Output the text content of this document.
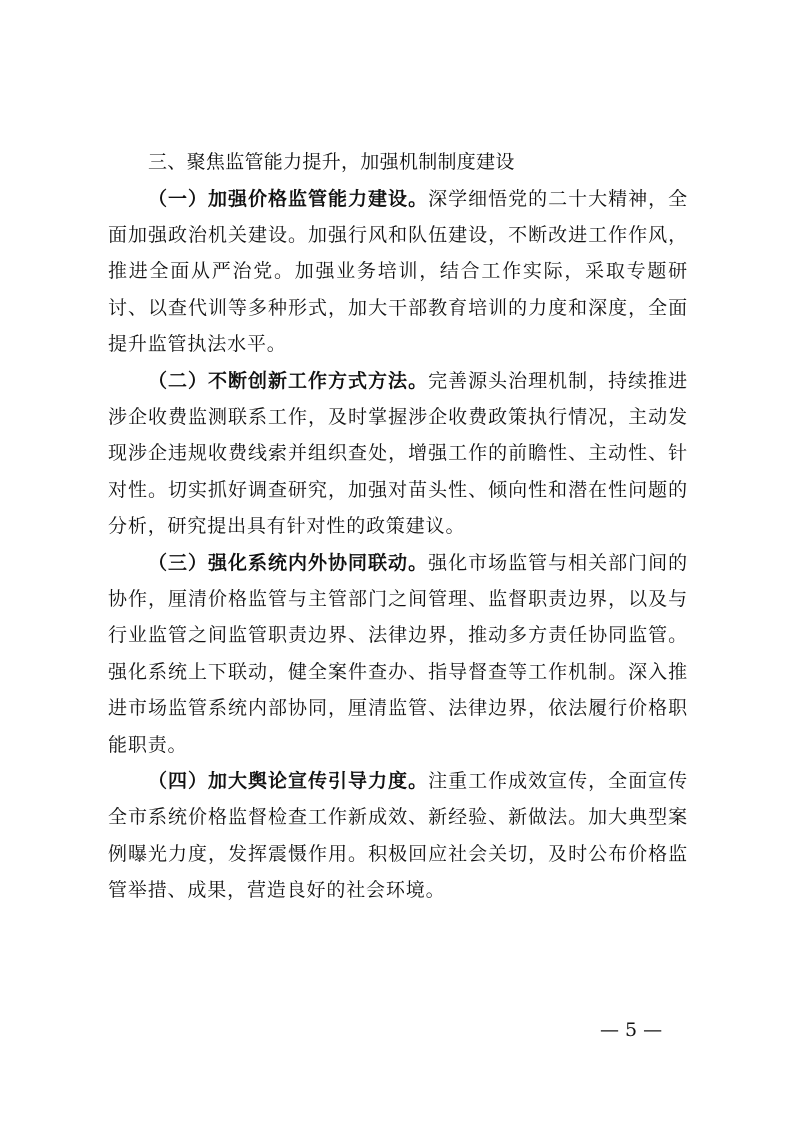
三、聚焦监管能力提升，加强机制制度建设

（一）加强价格监管能力建设。深学细悟党的二十大精神，全面加强政治机关建设。加强行风和队伍建设，不断改进工作作风，推进全面从严治党。加强业务培训，结合工作实际，采取专题研讨、以查代训等多种形式，加大干部教育培训的力度和深度，全面提升监管执法水平。

（二）不断创新工作方式方法。完善源头治理机制，持续推进涉企收费监测联系工作，及时掌握涉企收费政策执行情况，主动发现涉企违规收费线索并组织查处，增强工作的前瞻性、主动性、针对性。切实抓好调查研究，加强对苗头性、倾向性和潜在性问题的分析，研究提出具有针对性的政策建议。

（三）强化系统内外协同联动。强化市场监管与相关部门间的协作，厘清价格监管与主管部门之间管理、监督职责边界，以及与行业监管之间监管职责边界、法律边界，推动多方责任协同监管。强化系统上下联动，健全案件查办、指导督查等工作机制。深入推进市场监管系统内部协同，厘清监管、法律边界，依法履行价格职能职责。

（四）加大舆论宣传引导力度。注重工作成效宣传，全面宣传全市系统价格监督检查工作新成效、新经验、新做法。加大典型案例曝光力度，发挥震慑作用。积极回应社会关切，及时公布价格监管举措、成果，营造良好的社会环境。

— 5 —
